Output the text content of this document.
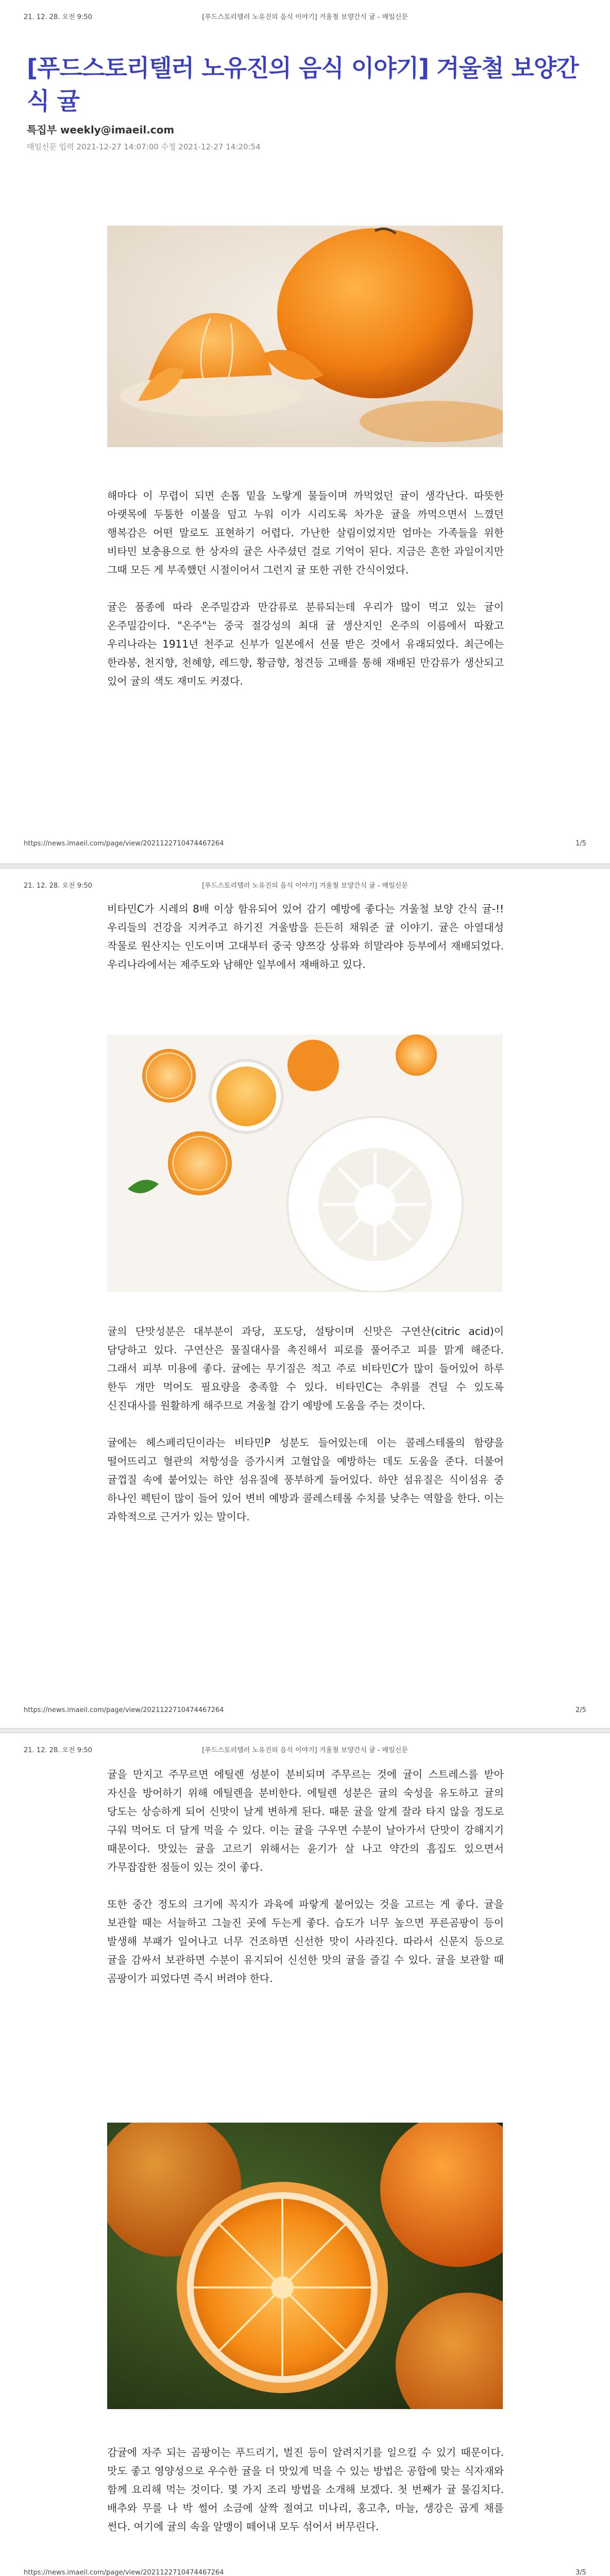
21. 12. 28. 오전 9:50	[푸드스토리텔러 노유진의 음식 이야기] 겨울철 보양간식 귤 - 매일신문
[푸드스토리텔러 노유진의 음식 이야기] 겨울철 보양간식 귤
특집부 weekly@imaeil.com
매일신문 입력 2021-12-27 14:07:00 수정 2021-12-27 14:20:54

해마다 이 무렵이 되면 손톱 밑을 노랗게 물들이며 까먹었던 귤이 생각난다. 따뜻한 아랫목에 두툼한 이불을 덮고 누워 이가 시리도록 차가운 귤을 까먹으면서 느꼈던 행복감은 어떤 말로도 표현하기 어렵다. 가난한 살림이었지만 엄마는 가족들을 위한 비타민 보충용으로 한 상자의 귤은 사주셨던 걸로 기억이 된다. 지금은 흔한 과일이지만 그때 모든 게 부족했던 시절이어서 그런지 귤 또한 귀한 간식이었다.

귤은 품종에 따라 온주밀감과 만감류로 분류되는데 우리가 많이 먹고 있는 귤이 온주밀감이다. "온주"는 중국 절강성의 최대 귤 생산지인 온주의 이름에서 따왔고 우리나라는 1911년 천주교 신부가 일본에서 선물 받은 것에서 유래되었다. 최근에는 한라봉, 천지향, 천혜향, 레드향, 황금향, 청견등 고배를 통해 재배된 만감류가 생산되고 있어 귤의 색도 재미도 커졌다.

https://news.imaeil.com/page/view/2021122710474467264	1/5
21. 12. 28. 오전 9:50	[푸드스토리텔러 노유진의 음식 이야기] 겨울철 보양간식 귤 - 매일신문

비타민C가 시레의 8배 이상 함유되어 있어 감기 예방에 좋다는 겨울철 보양 간식 귤-!! 우리들의 건강을 지켜주고 하기진 겨울밤을 든든히 채워준 귤 이야기. 귤은 아열대성 작물로 원산지는 인도이며 고대부터 중국 양쯔강 상류와 히말라야 등부에서 재배되었다. 우리나라에서는 제주도와 남해안 일부에서 재배하고 있다.

귤의 단맛성분은 대부분이 과당, 포도당, 설탕이며 신맛은 구연산(citric acid)이 담당하고 있다. 구연산은 물질대사를 촉진해서 피로를 풀어주고 피를 맑게 해준다. 그래서 피부 미용에 좋다. 귤에는 무기질은 적고 주로 비타민C가 많이 들어있어 하루 한두 개만 먹어도 필요량을 충족할 수 있다. 비타민C는 추위를 견딜 수 있도록 신진대사를 원활하게 해주므로 겨울철 감기 예방에 도움을 주는 것이다.

귤에는 헤스페리딘이라는 비타민P 성분도 들어있는데 이는 콜레스테롤의 함량을 떨어뜨리고 혈관의 저항성을 증가시켜 고혈압을 예방하는 데도 도움을 준다. 더불어 귤껍질 속에 붙어있는 하얀 섬유질에 풍부하게 들어있다. 하얀 섬유질은 식이섬유 중 하나인 펙틴이 많이 들어 있어 변비 예방과 콜레스테롤 수치를 낮추는 역할을 한다. 이는 과학적으로 근거가 있는 말이다.

https://news.imaeil.com/page/view/2021122710474467264	2/5
21. 12. 28. 오전 9:50	[푸드스토리텔러 노유진의 음식 이야기] 겨울철 보양간식 귤 - 매일신문

귤을 만지고 주무르면 에틸렌 성분이 분비되며 주무르는 것에 귤이 스트레스를 받아 자신을 방어하기 위해 에틸렌을 분비한다. 에틸렌 성분은 귤의 숙성을 유도하고 귤의 당도는 상승하게 되어 신맛이 날게 변하게 된다. 때문 귤을 알게 잘라 타지 않을 정도로 구워 먹어도 더 달게 먹을 수 있다. 이는 귤을 구우면 수분이 날아가서 단맛이 강해지기 때문이다. 맛있는 귤을 고르기 위해서는 윤기가 살 나고 약간의 흠집도 있으면서 가무잡잡한 점들이 있는 것이 좋다.

또한 중간 정도의 크기에 꼭지가 과육에 파랗게 붙어있는 것을 고르는 게 좋다. 귤을 보관할 때는 서늘하고 그늘진 곳에 두는게 좋다. 습도가 너무 높으면 푸른곰팡이 등이 발생해 부패가 일어나고 너무 건조하면 신선한 맛이 사라진다. 따라서 신문지 등으로 귤을 감싸서 보관하면 수분이 유지되어 신선한 맛의 귤을 즐길 수 있다. 귤을 보관할 때 곰팡이가 피었다면 즉시 버려야 한다.

감귤에 자주 되는 곰팡이는 푸드리기, 벌진 등이 알려지기를 일으킬 수 있기 때문이다. 맛도 좋고 영양성으로 우수한 귤을 더 맛있게 먹을 수 있는 방법은 공합에 맞는 식자재와 함께 요리해 먹는 것이다. 몇 가지 조리 방법을 소개해 보겠다. 첫 번째가 귤 물김치다. 배추와 무를 나 박 썰어 소금에 살짝 절여고 미나리, 홍고추, 마늘, 생강은 곱게 채를 썬다. 여기에 귤의 속을 알맹이 떼어내 모두 섞어서 버무린다.

https://news.imaeil.com/page/view/2021122710474467264	3/5
